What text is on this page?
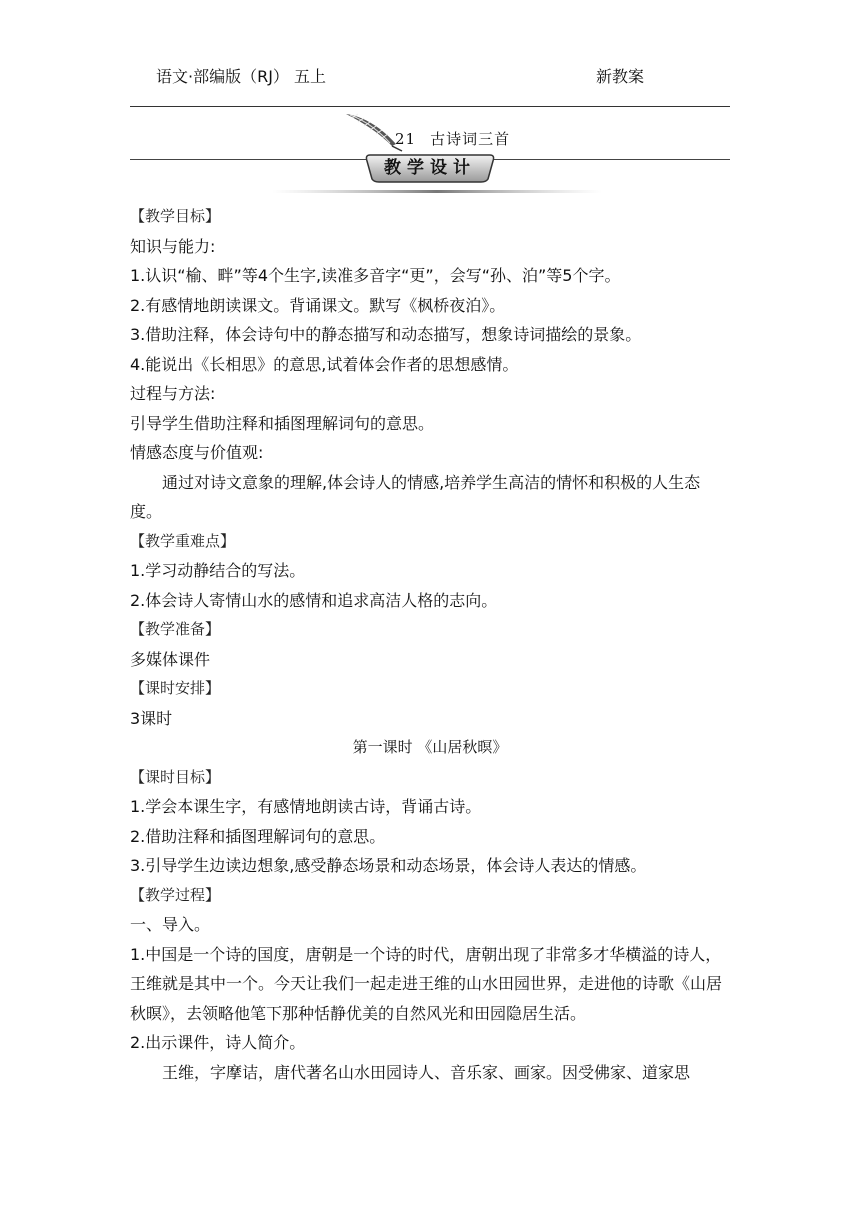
语文·部编版（RJ） 五上	新教案
21 古诗词三首
教学设计

【教学目标】

知识与能力:

1.认识“榆、畔”等4个生字,读准多音字“更”，会写“孙、泊”等5个字。

2.有感情地朗读课文。背诵课文。默写《枫桥夜泊》。

3.借助注释，体会诗句中的静态描写和动态描写，想象诗词描绘的景象。

4.能说出《长相思》的意思,试着体会作者的思想感情。

过程与方法:

引导学生借助注释和插图理解词句的意思。

情感态度与价值观:

通过对诗文意象的理解,体会诗人的情感,培养学生高洁的情怀和积极的人生态度。

【教学重难点】

1.学习动静结合的写法。

2.体会诗人寄情山水的感情和追求高洁人格的志向。

【教学准备】

多媒体课件

【课时安排】

3课时

第一课时 《山居秋暝》

【课时目标】

1.学会本课生字，有感情地朗读古诗，背诵古诗。

2.借助注释和插图理解词句的意思。

3.引导学生边读边想象,感受静态场景和动态场景，体会诗人表达的情感。

【教学过程】

一、导入。

1.中国是一个诗的国度，唐朝是一个诗的时代，唐朝出现了非常多才华横溢的诗人，王维就是其中一个。今天让我们一起走进王维的山水田园世界，走进他的诗歌《山居秋暝》，去领略他笔下那种恬静优美的自然风光和田园隐居生活。

2.出示课件，诗人简介。

王维，字摩诘，唐代著名山水田园诗人、音乐家、画家。因受佛家、道家思
